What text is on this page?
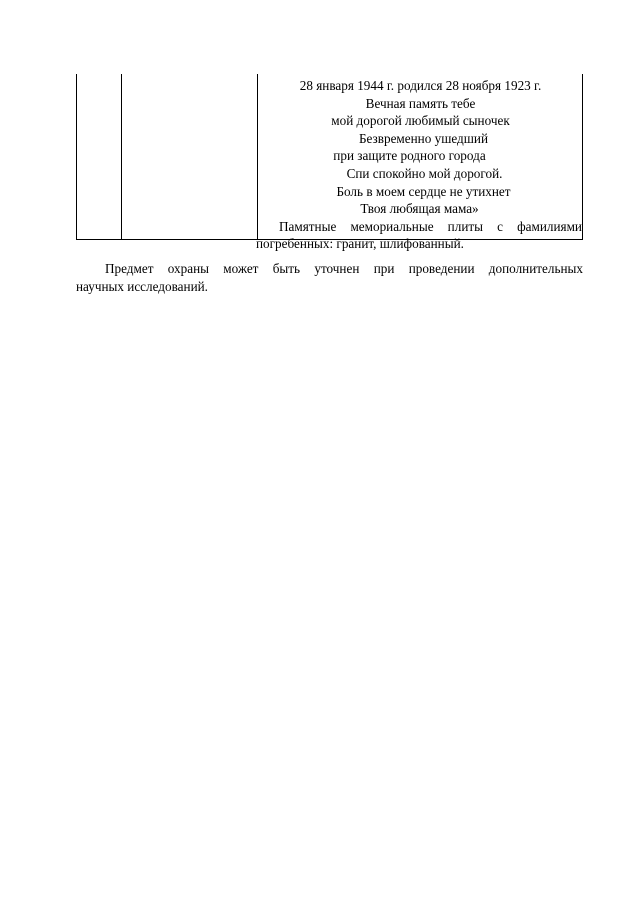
28 января 1944 г. родился 28 ноября 1923 г.
Вечная память тебе
мой дорогой любимый сыночек
Безвременно ушедший
при защите родного города
Спи спокойно мой дорогой.
Боль в моем сердце не утихнет
Твоя любящая мама»
Памятные мемориальные плиты с фамилиями
погребенных: гранит, шлифованный.
Предмет охраны может быть уточнен при проведении дополнительных
научных исследований.
